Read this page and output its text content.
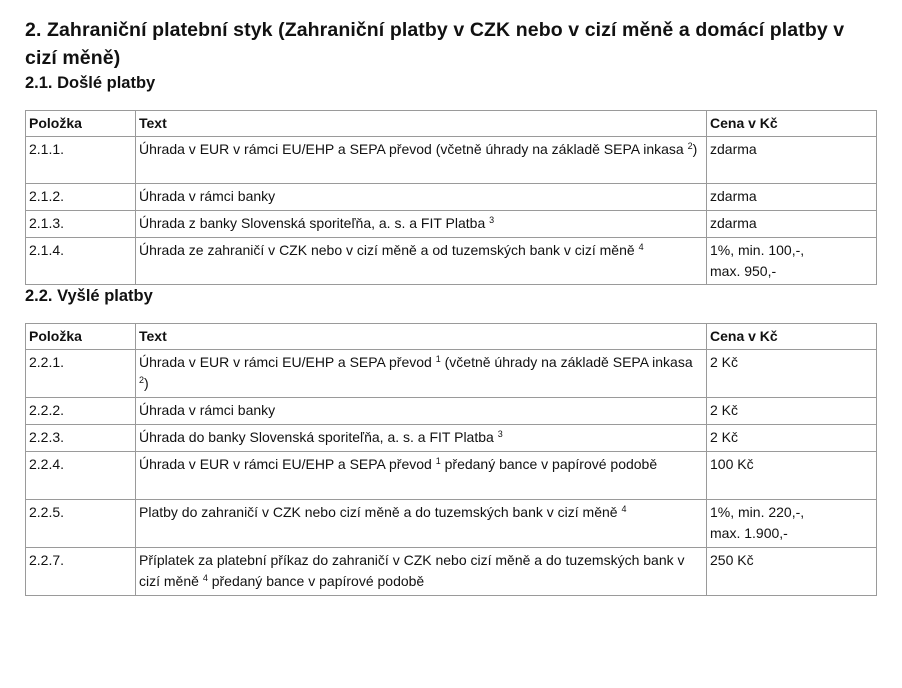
2. Zahraniční platební styk (Zahraniční platby v CZK nebo v cizí měně a domácí platby v cizí měně)
2.1. Došlé platby
Položka	Text	Cena v Kč
2.1.1.	Úhrada v EUR v rámci EU/EHP a SEPA převod (včetně úhrady na základě SEPA inkasa $^2$)	zdarma
2.1.2.	Úhrada v rámci banky	zdarma
2.1.3.	Úhrada z banky Slovenská sporiteľňa, a. s. a FIT Platba $^3$	zdarma
2.1.4.	Úhrada ze zahraničí v CZK nebo v cizí měně a od tuzemských bank v cizí měně $^4$	1%, min. 100,-,
max. 950,-
2.2. Vyšlé platby
Položka	Text	Cena v Kč
2.2.1.	Úhrada v EUR v rámci EU/EHP a SEPA převod $^1$ (včetně úhrady na základě SEPA inkasa $^2$)	2 Kč
2.2.2.	Úhrada v rámci banky	2 Kč
2.2.3.	Úhrada do banky Slovenská sporiteľňa, a. s. a FIT Platba $^3$	2 Kč
2.2.4.	Úhrada v EUR v rámci EU/EHP a SEPA převod $^1$ předaný bance v papírové podobě	100 Kč
2.2.5.	Platby do zahraničí v CZK nebo cizí měně a do tuzemských bank v cizí měně $^4$	1%, min. 220,-,
max. 1.900,-
2.2.7.	Příplatek za platební příkaz do zahraničí v CZK nebo cizí měně a do tuzemských bank v cizí měně $^4$ předaný bance v papírové podobě	250 Kč
